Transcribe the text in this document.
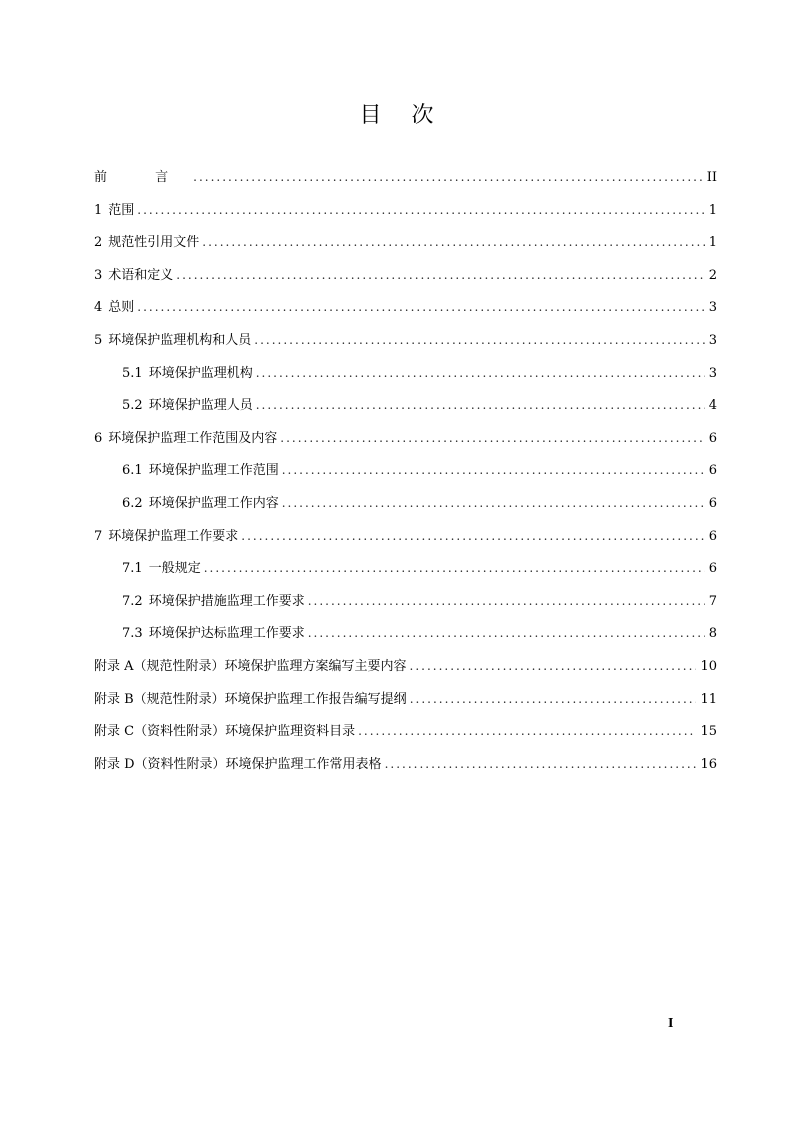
目 次
前 言 .....	II
1 范围 .....	1
2 规范性引用文件 .....	1
3 术语和定义 .....	2
4 总则 .....	3
5 环境保护监理机构和人员 .....	3
5.1 环境保护监理机构 .....	3
5.2 环境保护监理人员 .....	4
6 环境保护监理工作范围及内容 .....	6
6.1 环境保护监理工作范围 .....	6
6.2 环境保护监理工作内容 .....	6
7 环境保护监理工作要求 .....	6
7.1 一般规定 .....	6
7.2 环境保护措施监理工作要求 .....	7
7.3 环境保护达标监理工作要求 .....	8
附录 A（规范性附录）环境保护监理方案编写主要内容 .....	10
附录 B（规范性附录）环境保护监理工作报告编写提纲 .....	11
附录 C（资料性附录）环境保护监理资料目录 .....	15
附录 D（资料性附录）环境保护监理工作常用表格 .....	16
I
